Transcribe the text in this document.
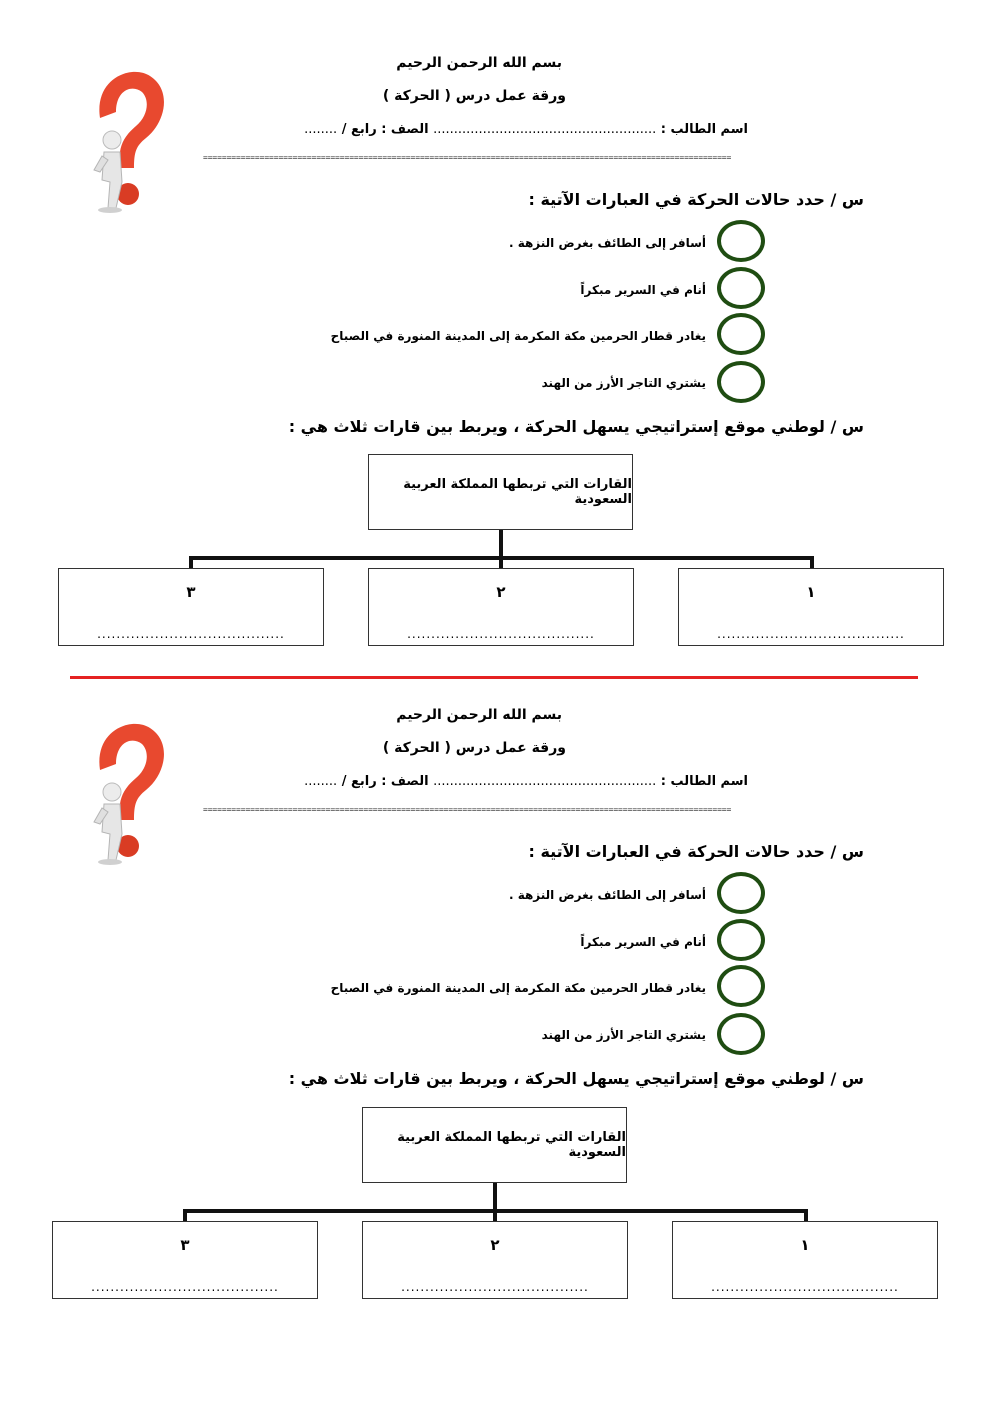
بسم الله الرحمن الرحيم
ورقة عمل درس ( الحركة )
اسم الطالب : ...................................................... الصف : رابع / ........
================================================================================================================
س / حدد حالات الحركة في العبارات الآتية :
أسافر إلى الطائف بغرض النزهة .
أنام في السرير مبكراً
يغادر قطار الحرمين مكة المكرمة إلى المدينة المنورة في الصباح
يشتري التاجر الأرز من الهند
س / لوطني موقع إستراتيجي يسهل الحركة ، ويربط بين قارات ثلاث هي :
القارات التي تربطها المملكة العربية السعودية
٣
.......................................
٢
.......................................
١
.......................................
بسم الله الرحمن الرحيم
ورقة عمل درس ( الحركة )
اسم الطالب : ...................................................... الصف : رابع / ........
================================================================================================================
س / حدد حالات الحركة في العبارات الآتية :
أسافر إلى الطائف بغرض النزهة .
أنام في السرير مبكراً
يغادر قطار الحرمين مكة المكرمة إلى المدينة المنورة في الصباح
يشتري التاجر الأرز من الهند
س / لوطني موقع إستراتيجي يسهل الحركة ، ويربط بين قارات ثلاث هي :
القارات التي تربطها المملكة العربية السعودية
٣
.......................................
٢
.......................................
١
.......................................
